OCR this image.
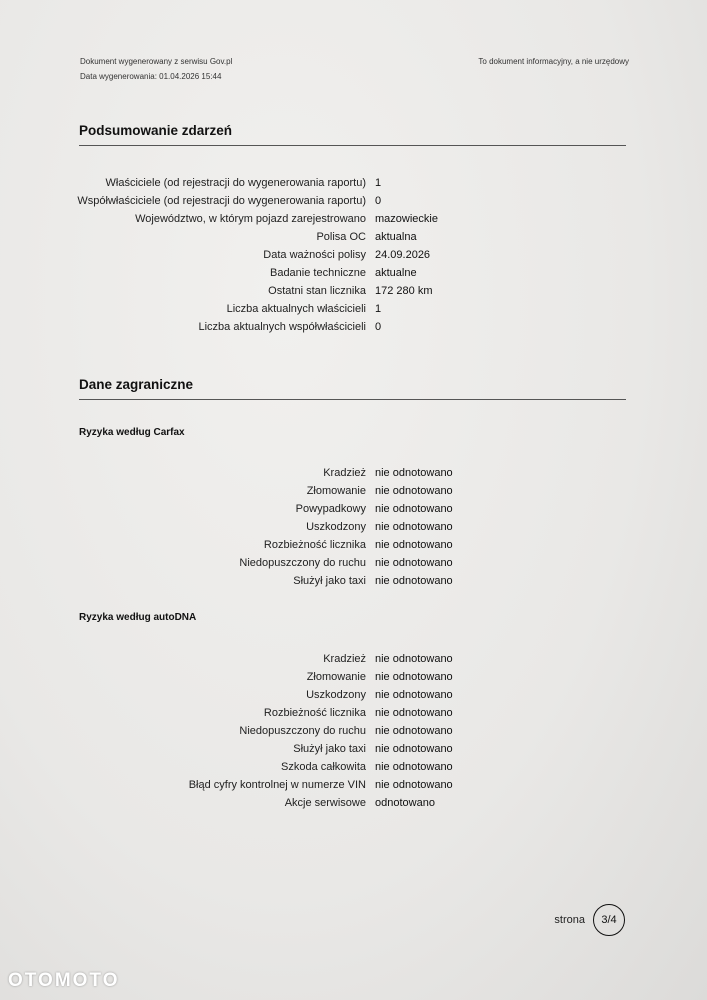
Dokument wygenerowany z serwisu Gov.pl
Data wygenerowania: 01.04.2026 15:44
To dokument informacyjny, a nie urzędowy
Podsumowanie zdarzeń
Właściciele (od rejestracji do wygenerowania raportu) 1
Współwłaściciele (od rejestracji do wygenerowania raportu) 0
Województwo, w którym pojazd zarejestrowano mazowieckie
Polisa OC aktualna
Data ważności polisy 24.09.2026
Badanie techniczne aktualne
Ostatni stan licznika 172 280 km
Liczba aktualnych właścicieli 1
Liczba aktualnych współwłaścicieli 0
Dane zagraniczne
Ryzyka według Carfax
Kradzież nie odnotowano
Złomowanie nie odnotowano
Powypadkowy nie odnotowano
Uszkodzony nie odnotowano
Rozbieżność licznika nie odnotowano
Niedopuszczony do ruchu nie odnotowano
Służył jako taxi nie odnotowano
Ryzyka według autoDNA
Kradzież nie odnotowano
Złomowanie nie odnotowano
Uszkodzony nie odnotowano
Rozbieżność licznika nie odnotowano
Niedopuszczony do ruchu nie odnotowano
Służył jako taxi nie odnotowano
Szkoda całkowita nie odnotowano
Błąd cyfry kontrolnej w numerze VIN nie odnotowano
Akcje serwisowe odnotowano
strona	3/4
OTOMOTO
